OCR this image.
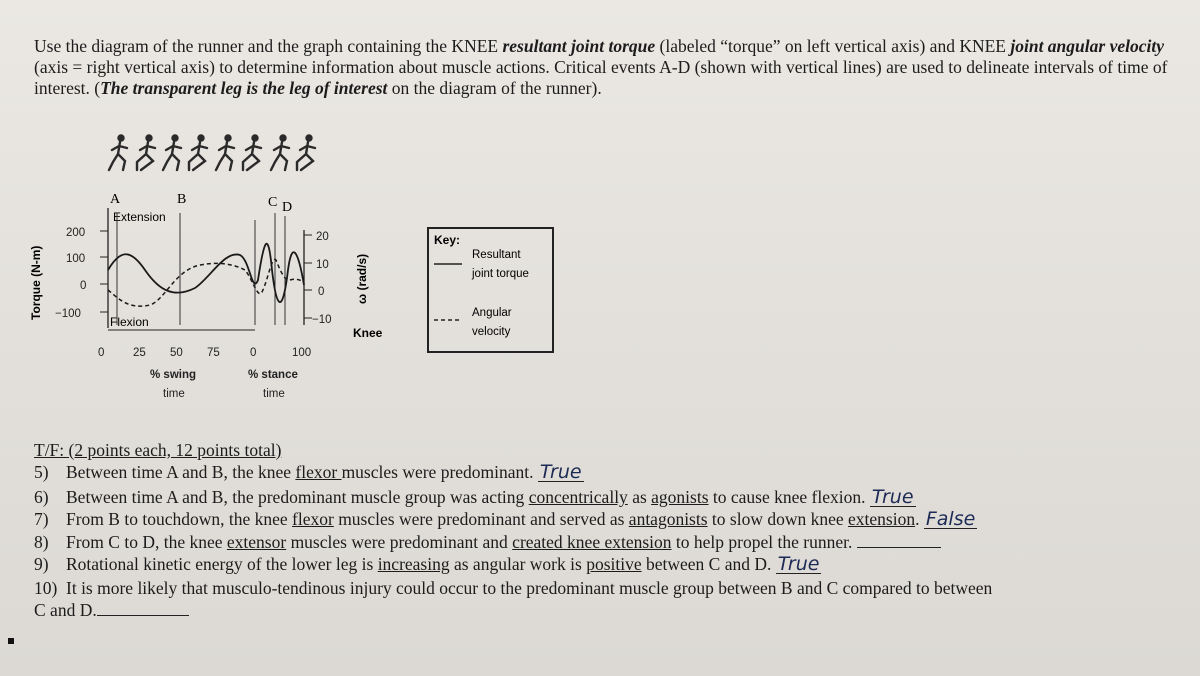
Use the diagram of the runner and the graph containing the KNEE resultant joint torque (labeled “torque” on left vertical axis) and KNEE joint angular velocity (axis = right vertical axis) to determine information about muscle actions. Critical events A-D (shown with vertical lines) are used to delineate intervals of time of interest. (The transparent leg is the leg of interest on the diagram of the runner).
A	B	C D
200
100
0
−100
Torque (N-m)
Extension
Flexion
20
10
0
−10
ω (rad/s)
Knee
0 25 50 75
% swing
time
0	100
% stance
time
Key:
Resultant
joint torque
Angular
velocity
T/F: (2 points each, 12 points total)
5) Between time A and B, the knee flexor muscles were predominant. True
6) Between time A and B, the predominant muscle group was acting concentrically as agonists to cause knee flexion. True
7) From B to touchdown, the knee flexor muscles were predominant and served as antagonists to slow down knee extension. False
8) From C to D, the knee extensor muscles were predominant and created knee extension to help propel the runner.
9) Rotational kinetic energy of the lower leg is increasing as angular work is positive between C and D. True
10) It is more likely that musculo-tendinous injury could occur to the predominant muscle group between B and C compared to between
C and D.
